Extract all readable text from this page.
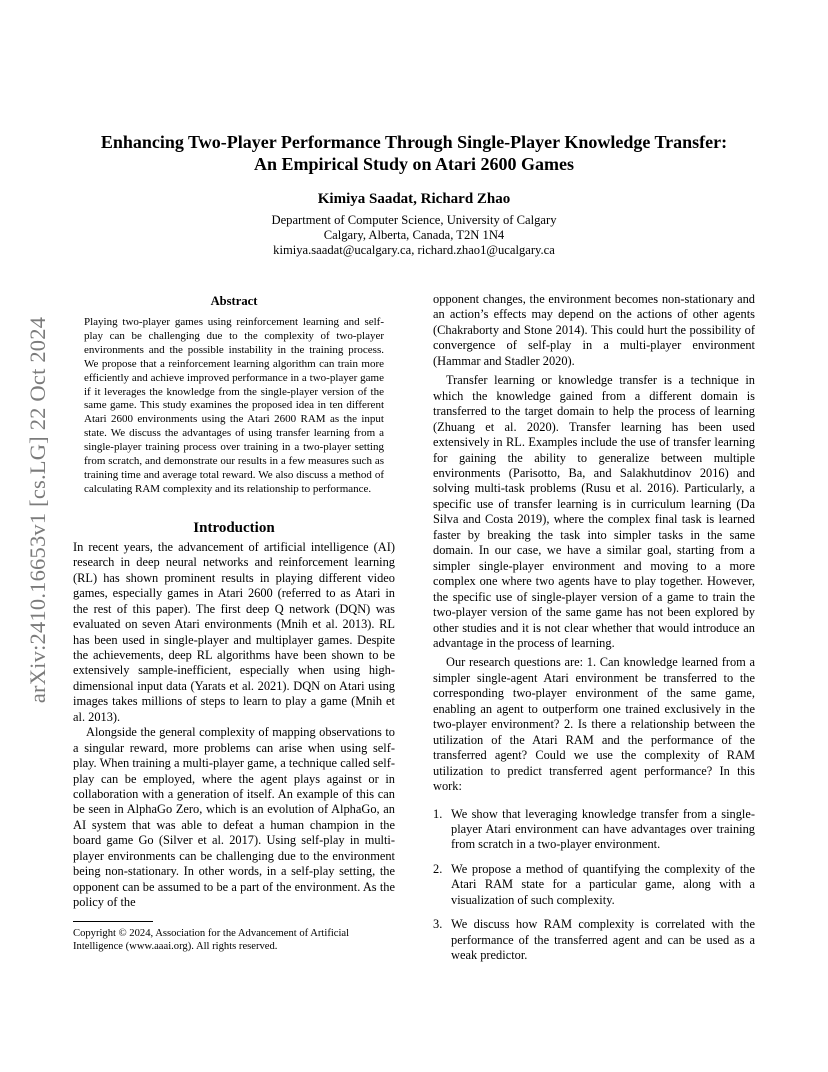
arXiv:2410.16653v1 [cs.LG] 22 Oct 2024
Enhancing Two-Player Performance Through Single-Player Knowledge Transfer:
An Empirical Study on Atari 2600 Games
Kimiya Saadat, Richard Zhao
Department of Computer Science, University of Calgary
Calgary, Alberta, Canada, T2N 1N4
kimiya.saadat@ucalgary.ca, richard.zhao1@ucalgary.ca
Abstract

Playing two-player games using reinforcement learning and self-play can be challenging due to the complexity of two-player environments and the possible instability in the training process. We propose that a reinforcement learning algorithm can train more efficiently and achieve improved performance in a two-player game if it leverages the knowledge from the single-player version of the same game. This study examines the proposed idea in ten different Atari 2600 environments using the Atari 2600 RAM as the input state. We discuss the advantages of using transfer learning from a single-player training process over training in a two-player setting from scratch, and demonstrate our results in a few measures such as training time and average total reward. We also discuss a method of calculating RAM complexity and its relationship to performance.

Introduction

In recent years, the advancement of artificial intelligence (AI) research in deep neural networks and reinforcement learning (RL) has shown prominent results in playing different video games, especially games in Atari 2600 (referred to as Atari in the rest of this paper). The first deep Q network (DQN) was evaluated on seven Atari environments (Mnih et al. 2013). RL has been used in single-player and multiplayer games. Despite the achievements, deep RL algorithms have been shown to be extensively sample-inefficient, especially when using high-dimensional input data (Yarats et al. 2021). DQN on Atari using images takes millions of steps to learn to play a game (Mnih et al. 2013).

Alongside the general complexity of mapping observations to a singular reward, more problems can arise when using self-play. When training a multi-player game, a technique called self-play can be employed, where the agent plays against or in collaboration with a generation of itself. An example of this can be seen in AlphaGo Zero, which is an evolution of AlphaGo, an AI system that was able to defeat a human champion in the board game Go (Silver et al. 2017). Using self-play in multi-player environments can be challenging due to the environment being non-stationary. In other words, in a self-play setting, the opponent can be assumed to be a part of the environment. As the policy of the

opponent changes, the environment becomes non-stationary and an action’s effects may depend on the actions of other agents (Chakraborty and Stone 2014). This could hurt the possibility of convergence of self-play in a multi-player environment (Hammar and Stadler 2020).

Transfer learning or knowledge transfer is a technique in which the knowledge gained from a different domain is transferred to the target domain to help the process of learning (Zhuang et al. 2020). Transfer learning has been used extensively in RL. Examples include the use of transfer learning for gaining the ability to generalize between multiple environments (Parisotto, Ba, and Salakhutdinov 2016) and solving multi-task problems (Rusu et al. 2016). Particularly, a specific use of transfer learning is in curriculum learning (Da Silva and Costa 2019), where the complex final task is learned faster by breaking the task into simpler tasks in the same domain. In our case, we have a similar goal, starting from a simpler single-player environment and moving to a more complex one where two agents have to play together. However, the specific use of single-player version of a game to train the two-player version of the same game has not been explored by other studies and it is not clear whether that would introduce an advantage in the process of learning.

Our research questions are: 1. Can knowledge learned from a simpler single-agent Atari environment be transferred to the corresponding two-player environment of the same game, enabling an agent to outperform one trained exclusively in the two-player environment? 2. Is there a relationship between the utilization of the Atari RAM and the performance of the transferred agent? Could we use the complexity of RAM utilization to predict transferred agent performance? In this work:

1. We show that leveraging knowledge transfer from a single-player Atari environment can have advantages over training from scratch in a two-player environment.
2. We propose a method of quantifying the complexity of the Atari RAM state for a particular game, along with a visualization of such complexity.
3. We discuss how RAM complexity is correlated with the performance of the transferred agent and can be used as a weak predictor.

Copyright © 2024, Association for the Advancement of Artificial Intelligence (www.aaai.org). All rights reserved.
